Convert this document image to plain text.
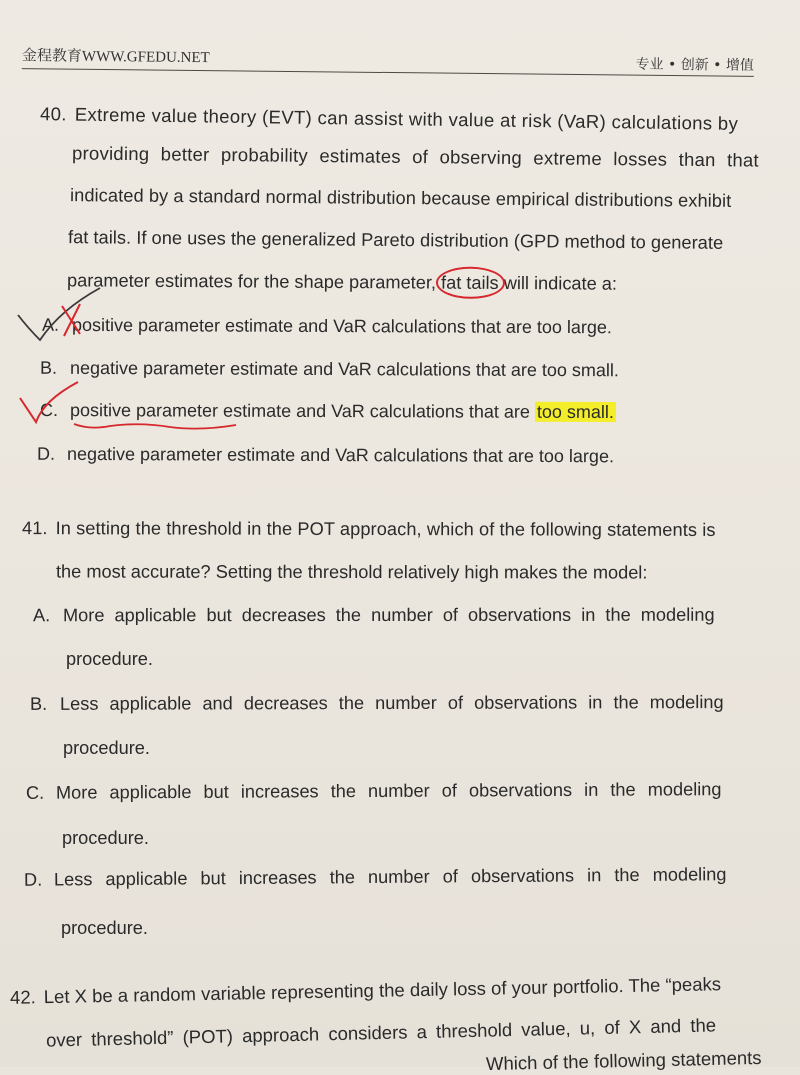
金程教育WWW.GFEDU.NET	专业 • 创新 • 增值
40. Extreme value theory (EVT) can assist with value at risk (VaR) calculations by
providing better probability estimates of observing extreme losses than that
indicated by a standard normal distribution because empirical distributions exhibit
fat tails. If one uses the generalized Pareto distribution (GPD method to generate
parameter estimates for the shape parameter, fat tails will indicate a:
A. positive parameter estimate and VaR calculations that are too large.
B. negative parameter estimate and VaR calculations that are too small.
C. positive parameter estimate and VaR calculations that are too small.
D. negative parameter estimate and VaR calculations that are too large.
41. In setting the threshold in the POT approach, which of the following statements is
the most accurate? Setting the threshold relatively high makes the model:
A. More applicable but decreases the number of observations in the modeling
procedure.
B. Less applicable and decreases the number of observations in the modeling
procedure.
C. More applicable but increases the number of observations in the modeling
procedure.
D. Less applicable but increases the number of observations in the modeling
procedure.
42. Let X be a random variable representing the daily loss of your portfolio. The “peaks
over threshold” (POT) approach considers a threshold value, u, of X and the
Which of the following statements
